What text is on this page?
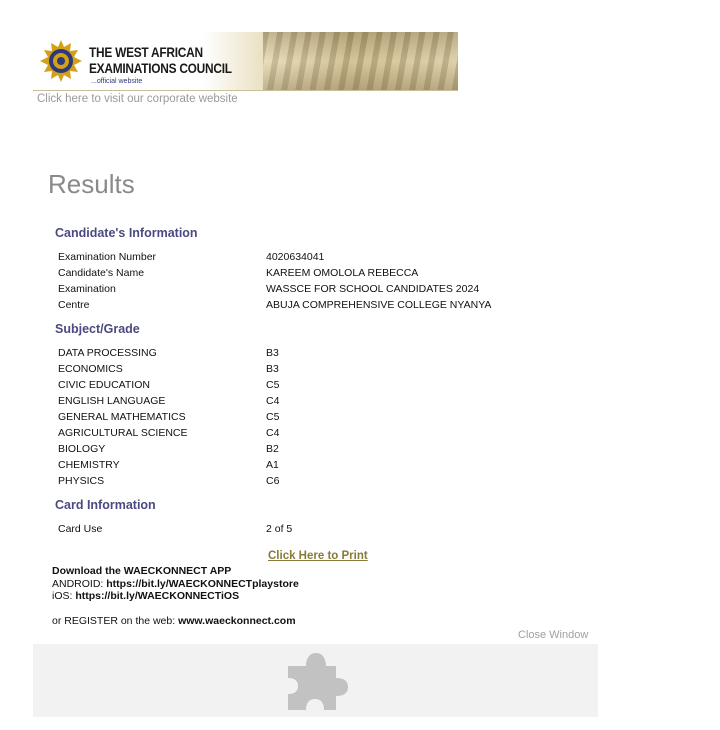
THE WEST AFRICAN
EXAMINATIONS COUNCIL
...official website
Click here to visit our corporate website
Results
Candidate's Information
Examination Number	4020634041
Candidate's Name	KAREEM OMOLOLA REBECCA
Examination	WASSCE FOR SCHOOL CANDIDATES 2024
Centre	ABUJA COMPREHENSIVE COLLEGE NYANYA
Subject/Grade
DATA PROCESSING	B3
ECONOMICS	B3
CIVIC EDUCATION	C5
ENGLISH LANGUAGE	C4
GENERAL MATHEMATICS	C5
AGRICULTURAL SCIENCE	C4
BIOLOGY	B2
CHEMISTRY	A1
PHYSICS	C6
Card Information
Card Use	2 of 5
Click Here to Print
Download the WAECKONNECT APP
ANDROID: https://bit.ly/WAECKONNECTplaystore
iOS: https://bit.ly/WAECKONNECTiOS
or REGISTER on the web: www.waeckonnect.com
Close Window
